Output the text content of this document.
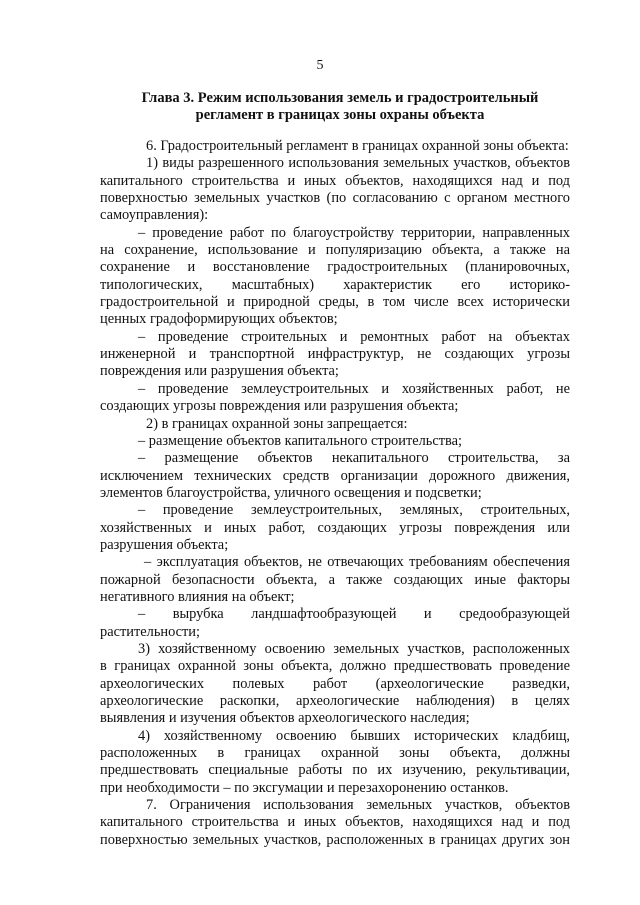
5
Глава 3. Режим использования земель и градостроительный
регламент в границах зоны охраны объекта
6. Градостроительный регламент в границах охранной зоны объекта:
1) виды разрешенного использования земельных участков, объектов
капитального строительства и иных объектов, находящихся над и под
поверхностью земельных участков (по согласованию с органом местного
самоуправления):
– проведение работ по благоустройству территории, направленных
на сохранение, использование и популяризацию объекта, а также на
сохранение и восстановление градостроительных (планировочных,
типологических, масштабных) характеристик его историко-
градостроительной и природной среды, в том числе всех исторически
ценных градоформирующих объектов;
– проведение строительных и ремонтных работ на объектах
инженерной и транспортной инфраструктур, не создающих угрозы
повреждения или разрушения объекта;
– проведение землеустроительных и хозяйственных работ, не
создающих угрозы повреждения или разрушения объекта;
2) в границах охранной зоны запрещается:
– размещение объектов капитального строительства;
– размещение объектов некапитального строительства, за
исключением технических средств организации дорожного движения,
элементов благоустройства, уличного освещения и подсветки;
– проведение землеустроительных, земляных, строительных,
хозяйственных и иных работ, создающих угрозы повреждения или
разрушения объекта;
– эксплуатация объектов, не отвечающих требованиям обеспечения
пожарной безопасности объекта, а также создающих иные факторы
негативного влияния на объект;
– вырубка ландшафтообразующей и средообразующей
растительности;
3) хозяйственному освоению земельных участков, расположенных
в границах охранной зоны объекта, должно предшествовать проведение
археологических полевых работ (археологические разведки,
археологические раскопки, археологические наблюдения) в целях
выявления и изучения объектов археологического наследия;
4) хозяйственному освоению бывших исторических кладбищ,
расположенных в границах охранной зоны объекта, должны
предшествовать специальные работы по их изучению, рекультивации,
при необходимости – по эксгумации и перезахоронению останков.
7. Ограничения использования земельных участков, объектов
капитального строительства и иных объектов, находящихся над и под
поверхностью земельных участков, расположенных в границах других зон
